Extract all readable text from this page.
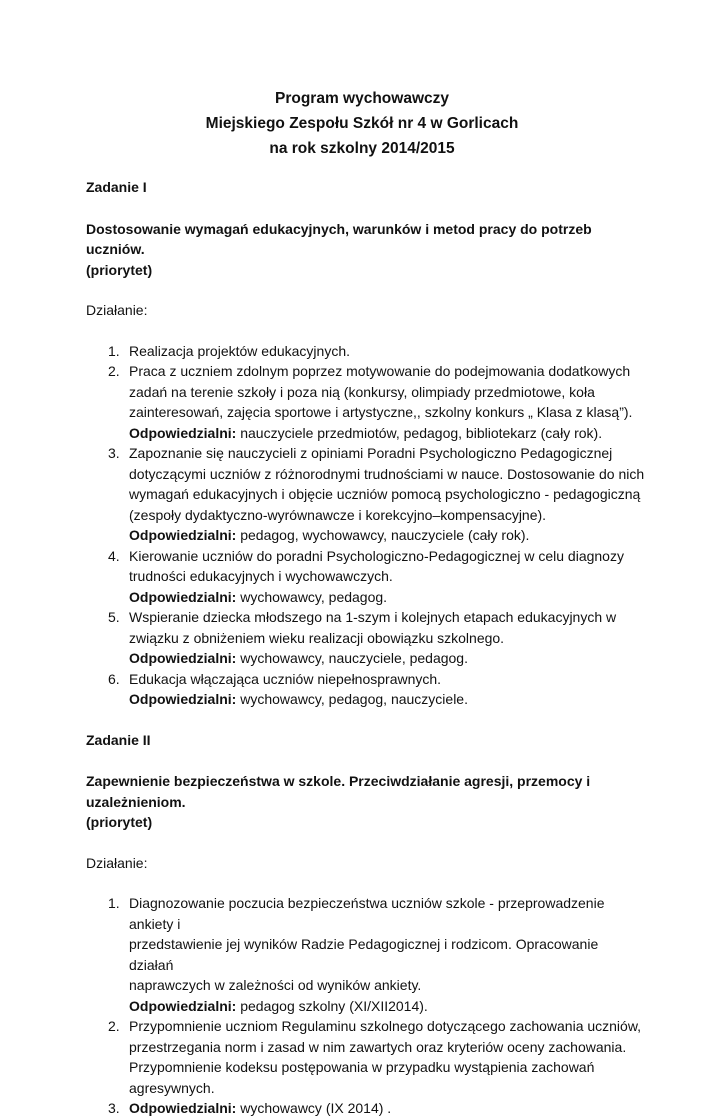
Program wychowawczy
Miejskiego Zespołu Szkół nr 4 w Gorlicach
na rok szkolny 2014/2015

Zadanie I

Dostosowanie wymagań edukacyjnych, warunków i metod pracy do potrzeb uczniów.
(priorytet)

Działanie:

1. Realizacja projektów edukacyjnych.
2. Praca z uczniem zdolnym poprzez motywowanie do podejmowania dodatkowych
zadań na terenie szkoły i poza nią (konkursy, olimpiady przedmiotowe, koła
zainteresowań, zajęcia sportowe i artystyczne,, szkolny konkurs „ Klasa z klasą”).
Odpowiedzialni: nauczyciele przedmiotów, pedagog, bibliotekarz (cały rok).
3. Zapoznanie się nauczycieli z opiniami Poradni Psychologiczno Pedagogicznej
dotyczącymi uczniów z różnorodnymi trudnościami w nauce. Dostosowanie do nich
wymagań edukacyjnych i objęcie uczniów pomocą psychologiczno - pedagogiczną
(zespoły dydaktyczno-wyrównawcze i korekcyjno–kompensacyjne).
Odpowiedzialni: pedagog, wychowawcy, nauczyciele (cały rok).
4. Kierowanie uczniów do poradni Psychologiczno-Pedagogicznej w celu diagnozy
trudności edukacyjnych i wychowawczych.
Odpowiedzialni: wychowawcy, pedagog.
5. Wspieranie dziecka młodszego na 1-szym i kolejnych etapach edukacyjnych w
związku z obniżeniem wieku realizacji obowiązku szkolnego.
Odpowiedzialni: wychowawcy, nauczyciele, pedagog.
6. Edukacja włączająca uczniów niepełnosprawnych.
Odpowiedzialni: wychowawcy, pedagog, nauczyciele.

Zadanie II

Zapewnienie bezpieczeństwa w szkole. Przeciwdziałanie agresji, przemocy i uzależnieniom.
(priorytet)

Działanie:

1. Diagnozowanie poczucia bezpieczeństwa uczniów szkole - przeprowadzenie ankiety i
przedstawienie jej wyników Radzie Pedagogicznej i rodzicom. Opracowanie działań
naprawczych w zależności od wyników ankiety.
Odpowiedzialni: pedagog szkolny (XI/XII2014).
2. Przypomnienie uczniom Regulaminu szkolnego dotyczącego zachowania uczniów,
przestrzegania norm i zasad w nim zawartych oraz kryteriów oceny zachowania.
Przypomnienie kodeksu postępowania w przypadku wystąpienia zachowań
agresywnych.
3. Odpowiedzialni: wychowawcy (IX 2014) .
